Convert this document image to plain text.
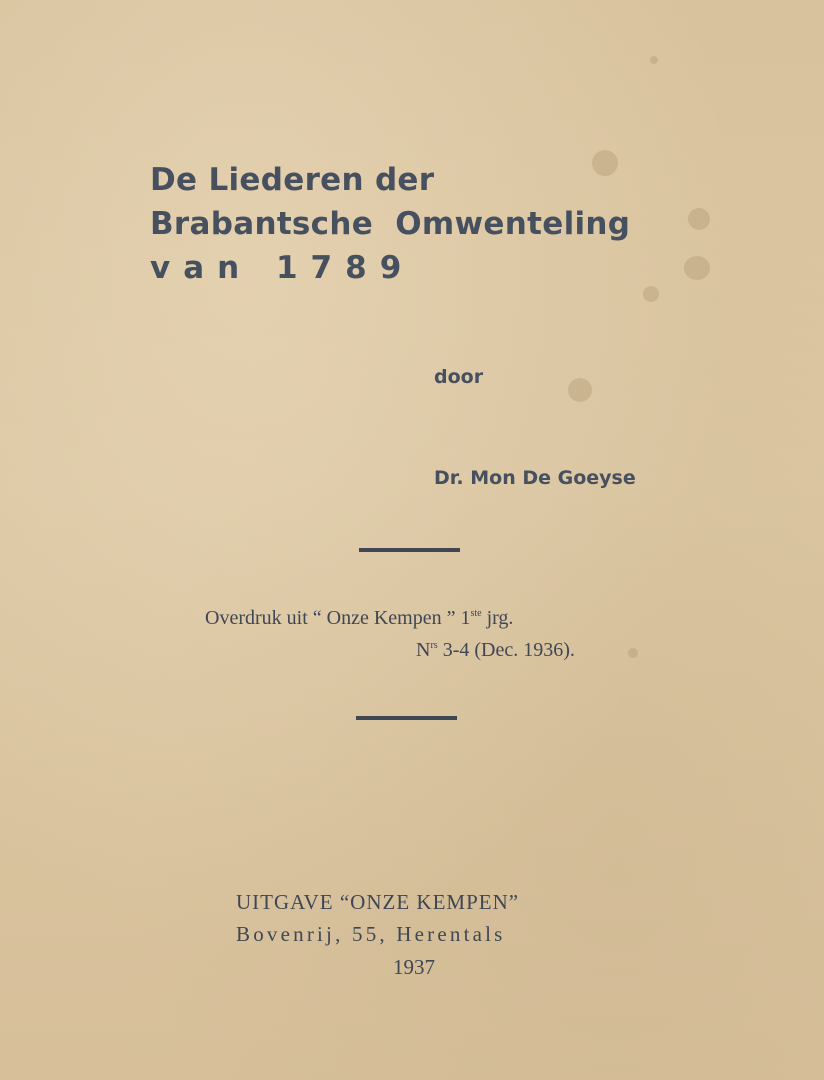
De Liederen der
Brabantsche  Omwenteling
van 1789
door
Dr. Mon De Goeyse
Overdruk uit “ Onze Kempen ” 1ste jrg.
$N^{rs}$ 3-4 (Dec. 1936).
UITGAVE “ONZE KEMPEN”
Bovenrij, 55, Herentals
1937
